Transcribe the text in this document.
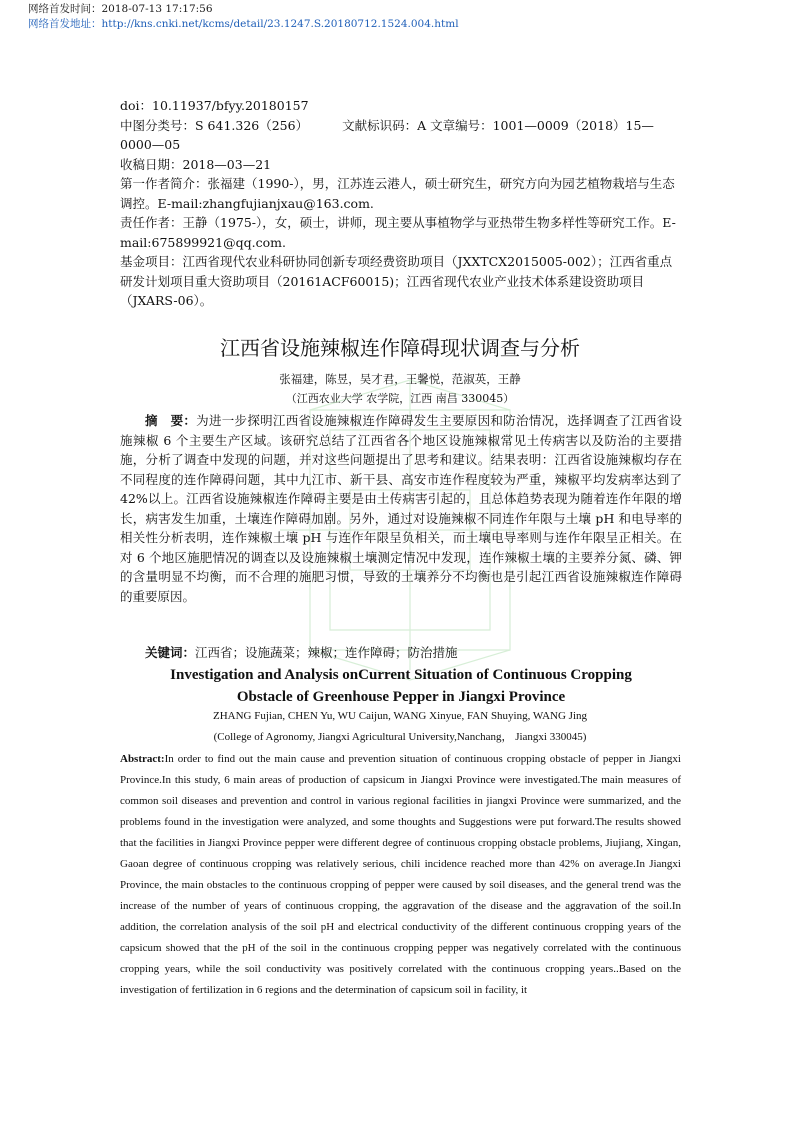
网络首发时间：2018-07-13 17:17:56
网络首发地址：http://kns.cnki.net/kcms/detail/23.1247.S.20180712.1524.004.html

doi：10.11937/bfyy.20180157

中图分类号：S 641.326（256）	文献标识码：A 文章编号：1001—0009（2018）15—0000—05

收稿日期：2018—03—21

第一作者简介：张福建（1990-），男，江苏连云港人，硕士研究生，研究方向为园艺植物栽培与生态调控。E-mail:zhangfujianjxau@163.com.

责任作者：王静（1975-），女，硕士，讲师，现主要从事植物学与亚热带生物多样性等研究工作。E-mail:675899921@qq.com.

基金项目：江西省现代农业科研协同创新专项经费资助项目（JXXTCX2015005-002）；江西省重点研发计划项目重大资助项目（20161ACF60015)；江西省现代农业产业技术体系建设资助项目（JXARS-06）。

江西省设施辣椒连作障碍现状调查与分析
张福建，陈昱，吴才君，王馨悦，范淑英，王静
（江西农业大学 农学院，江西 南昌 330045）

摘　要：为进一步探明江西省设施辣椒连作障碍发生主要原因和防治情况，选择调查了江西省设施辣椒 6 个主要生产区域。该研究总结了江西省各个地区设施辣椒常见土传病害以及防治的主要措施，分析了调查中发现的问题，并对这些问题提出了思考和建议。结果表明：江西省设施辣椒均存在不同程度的连作障碍问题，其中九江市、新干县、高安市连作程度较为严重，辣椒平均发病率达到了 42%以上。江西省设施辣椒连作障碍主要是由土传病害引起的，且总体趋势表现为随着连作年限的增长，病害发生加重，土壤连作障碍加剧。另外，通过对设施辣椒不同连作年限与土壤 pH 和电导率的相关性分析表明，连作辣椒土壤 pH 与连作年限呈负相关，而土壤电导率则与连作年限呈正相关。在对 6 个地区施肥情况的调查以及设施辣椒土壤测定情况中发现，连作辣椒土壤的主要养分氮、磷、钾的含量明显不均衡，而不合理的施肥习惯，导致的土壤养分不均衡也是引起江西省设施辣椒连作障碍的重要原因。

关键词：江西省；设施蔬菜；辣椒；连作障碍；防治措施
Investigation and Analysis onCurrent Situation of Continuous Cropping
Obstacle of Greenhouse Pepper in Jiangxi Province
ZHANG Fujian, CHEN Yu, WU Caijun, WANG Xinyue, FAN Shuying, WANG Jing
(College of Agronomy, Jiangxi Agricultural University,Nanchang， Jiangxi 330045)

Abstract:In order to find out the main cause and prevention situation of continuous cropping obstacle of pepper in Jiangxi Province.In this study, 6 main areas of production of capsicum in Jiangxi Province were investigated.The main measures of common soil diseases and prevention and control in various regional facilities in jiangxi Province were summarized, and the problems found in the investigation were analyzed, and some thoughts and Suggestions were put forward.The results showed that the facilities in Jiangxi Province pepper were different degree of continuous cropping obstacle problems, Jiujiang, Xingan, Gaoan degree of continuous cropping was relatively serious, chili incidence reached more than 42% on average.In Jiangxi Province, the main obstacles to the continuous cropping of pepper were caused by soil diseases, and the general trend was the increase of the number of years of continuous cropping, the aggravation of the disease and the aggravation of the soil.In addition, the correlation analysis of the soil pH and electrical conductivity of the different continuous cropping years of the capsicum showed that the pH of the soil in the continuous cropping pepper was negatively correlated with the continuous cropping years, while the soil conductivity was positively correlated with the continuous cropping years..Based on the investigation of fertilization in 6 regions and the determination of capsicum soil in facility, it
